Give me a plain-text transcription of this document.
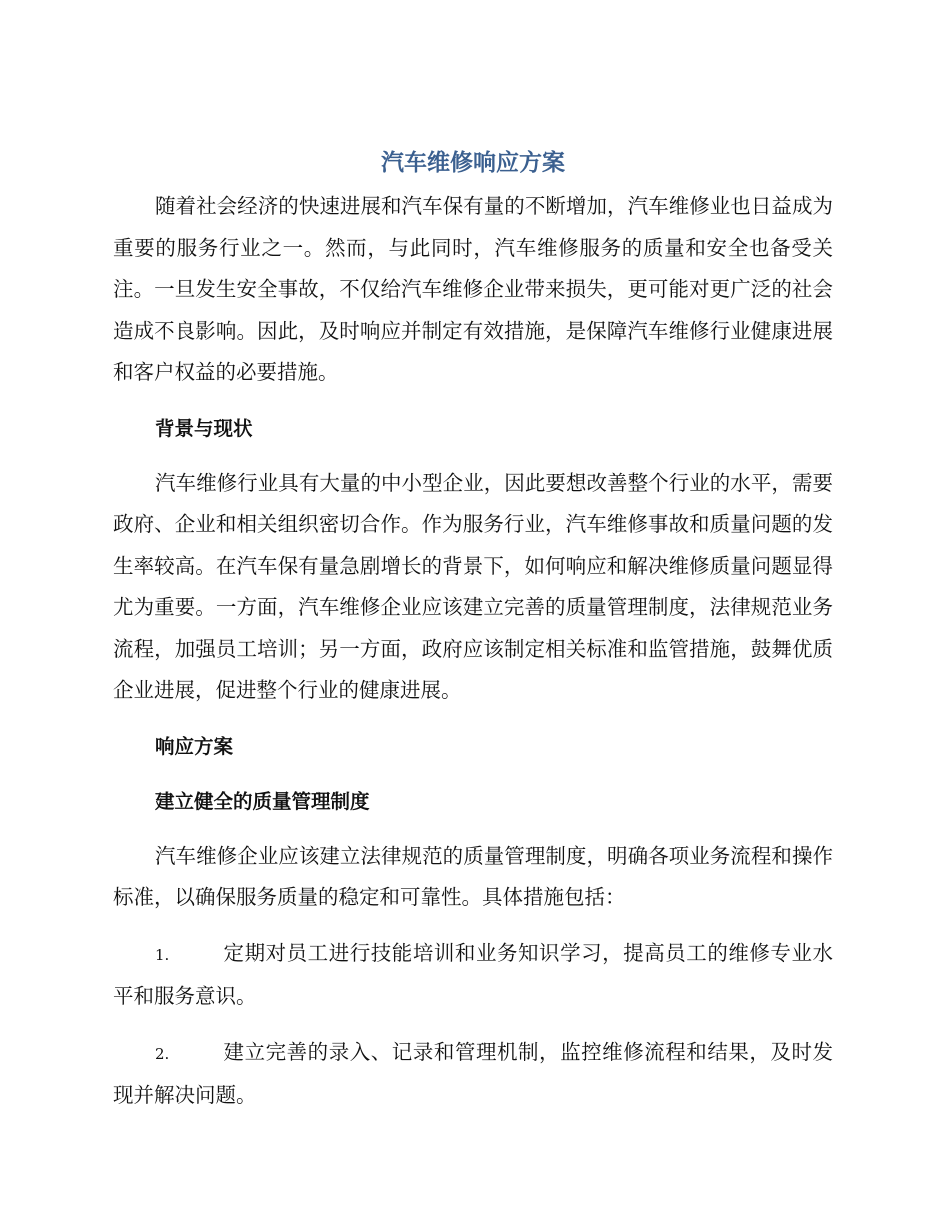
汽车维修响应方案

随着社会经济的快速进展和汽车保有量的不断增加，汽车维修业也日益成为重要的服务行业之一。然而，与此同时，汽车维修服务的质量和安全也备受关注。一旦发生安全事故，不仅给汽车维修企业带来损失，更可能对更广泛的社会造成不良影响。因此，及时响应并制定有效措施，是保障汽车维修行业健康进展和客户权益的必要措施。

背景与现状

汽车维修行业具有大量的中小型企业，因此要想改善整个行业的水平，需要政府、企业和相关组织密切合作。作为服务行业，汽车维修事故和质量问题的发生率较高。在汽车保有量急剧增长的背景下，如何响应和解决维修质量问题显得尤为重要。一方面，汽车维修企业应该建立完善的质量管理制度，法律规范业务流程，加强员工培训；另一方面，政府应该制定相关标准和监管措施，鼓舞优质企业进展，促进整个行业的健康进展。

响应方案
建立健全的质量管理制度

汽车维修企业应该建立法律规范的质量管理制度，明确各项业务流程和操作标准，以确保服务质量的稳定和可靠性。具体措施包括：

1.	定期对员工进行技能培训和业务知识学习，提高员工的维修专业水平和服务意识。

2.	建立完善的录入、记录和管理机制，监控维修流程和结果，及时发现并解决问题。
